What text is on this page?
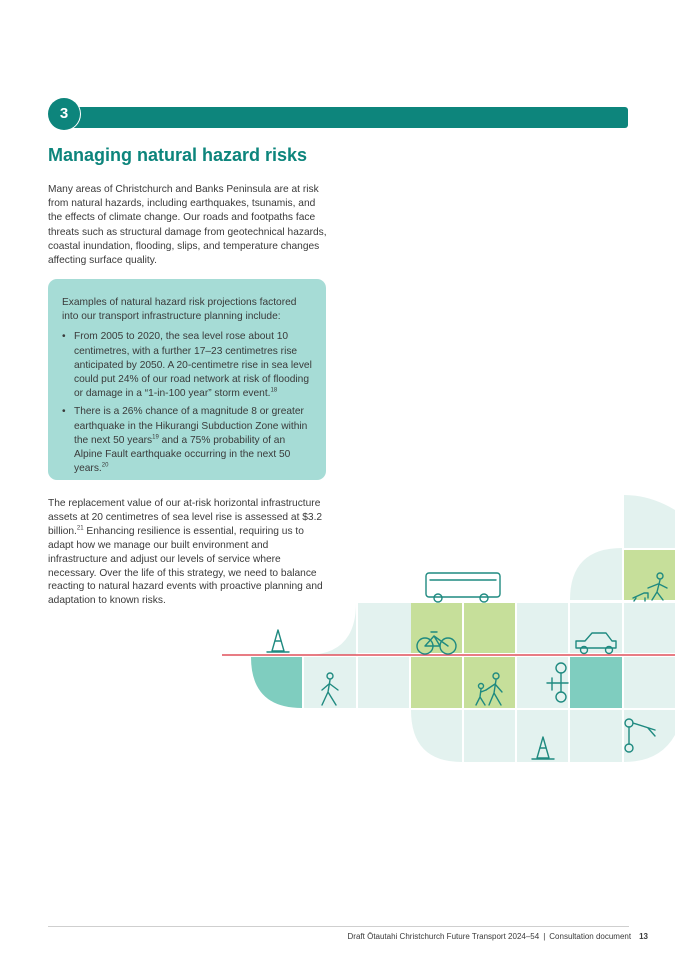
3
Managing natural hazard risks

Many areas of Christchurch and Banks Peninsula are at risk from natural hazards, including earthquakes, tsunamis, and the effects of climate change. Our roads and footpaths face threats such as structural damage from geotechnical hazards, coastal inundation, flooding, slips, and temperature changes affecting surface quality.

Examples of natural hazard risk projections factored into our transport infrastructure planning include:

• From 2005 to 2020, the sea level rose about 10 centimetres, with a further 17–23 centimetres rise anticipated by 2050. A 20-centimetre rise in sea level could put 24% of our road network at risk of flooding or damage in a “1-in-100 year” storm event.$^{18}$
• There is a 26% chance of a magnitude 8 or greater earthquake in the Hikurangi Subduction Zone within the next 50 years$^{19}$ and a 75% probability of an Alpine Fault earthquake occurring in the next 50 years.$^{20}$

The replacement value of our at-risk horizontal infrastructure assets at 20 centimetres of sea level rise is assessed at $3.2 billion.$^{21}$ Enhancing resilience is essential, requiring us to adapt how we manage our built environment and infrastructure and adjust our levels of service where necessary. Over the life of this strategy, we need to balance reacting to natural hazard events with proactive planning and adaptation to known risks.

Draft Ōtautahi Christchurch Future Transport 2024–54 | Consultation document 13
